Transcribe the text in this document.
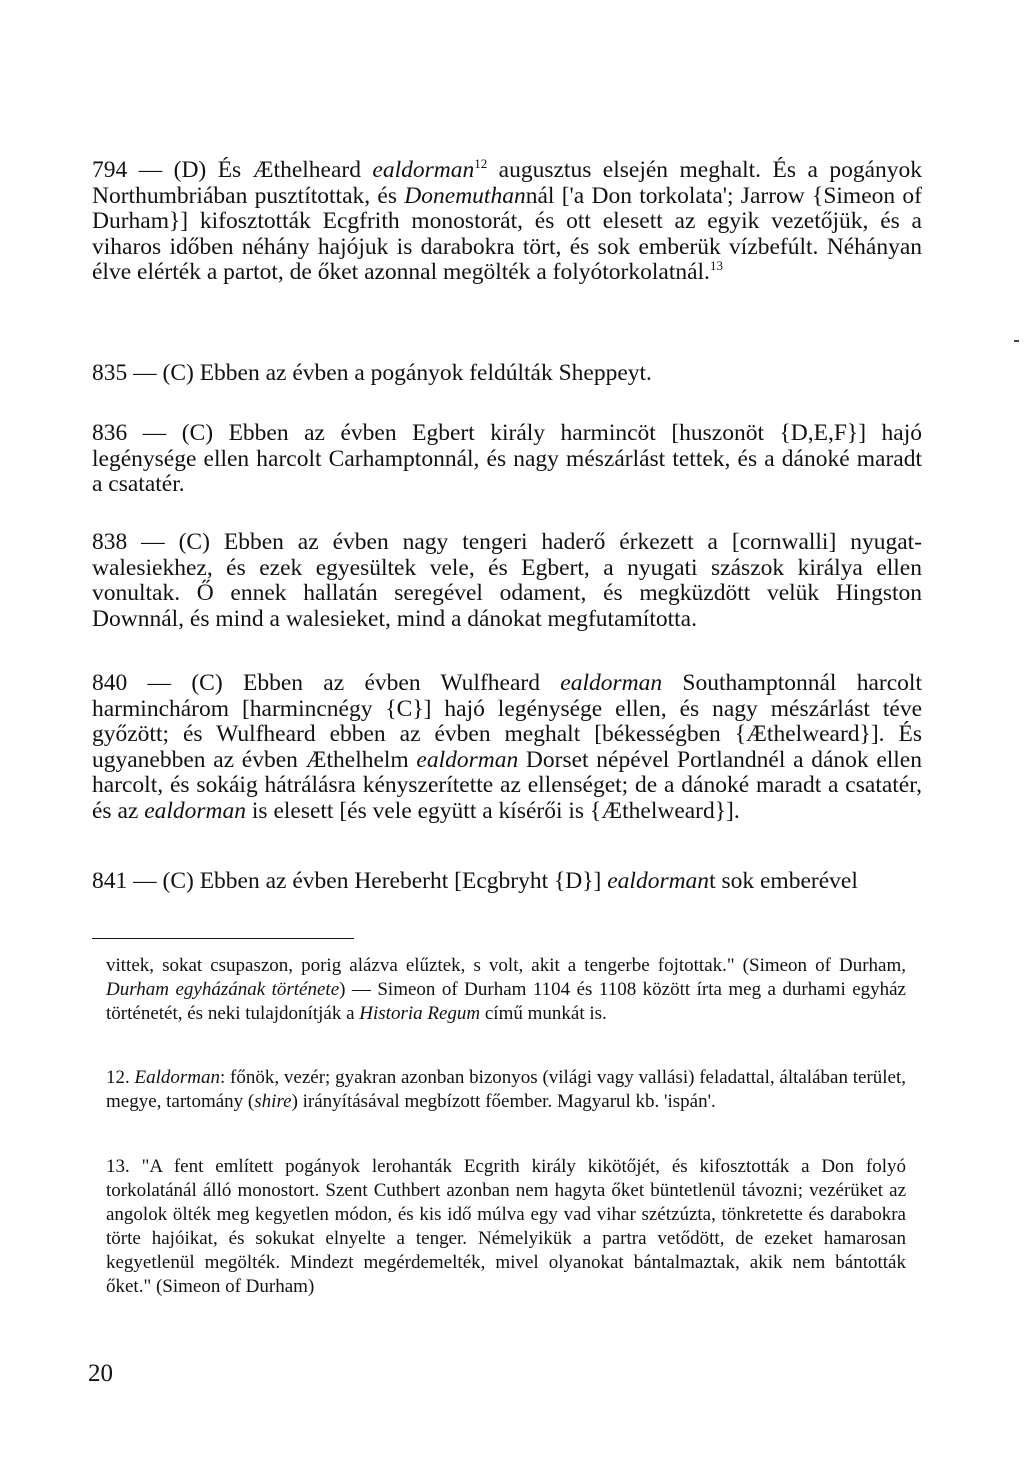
794 — (D) És Æthelheard ealdorman$^{12}$ augusztus elsején meghalt. És a pogányok Northumbriában pusztítottak, és Donemuthannál ['a Don torkolata'; Jarrow {Simeon of Durham}] kifosztották Ecgfrith monostorát, és ott elesett az egyik vezetőjük, és a viharos időben néhány hajójuk is darabokra tört, és sok emberük vízbefúlt. Néhányan élve elérték a partot, de őket azonnal megölték a folyótorkolatnál.$^{13}$

835 — (C) Ebben az évben a pogányok feldúlták Sheppeyt.

836 — (C) Ebben az évben Egbert király harmincöt [huszonöt {D,E,F}] hajó legénysége ellen harcolt Carhamptonnál, és nagy mészárlást tettek, és a dánoké maradt a csatatér.

838 — (C) Ebben az évben nagy tengeri haderő érkezett a [cornwalli] nyugat-walesiekhez, és ezek egyesültek vele, és Egbert, a nyugati szászok királya ellen vonultak. Ő ennek hallatán seregével odament, és megküzdött velük Hingston Downnál, és mind a walesieket, mind a dánokat megfutamította.

840 — (C) Ebben az évben Wulfheard ealdorman Southamptonnál harcolt harminchárom [harmincnégy {C}] hajó legénysége ellen, és nagy mészárlást téve győzött; és Wulfheard ebben az évben meghalt [békességben {Æthelweard}]. És ugyanebben az évben Æthelhelm ealdorman Dorset népével Portlandnél a dánok ellen harcolt, és sokáig hátrálásra kényszerítette az ellenséget; de a dánoké maradt a csatatér, és az ealdorman is elesett [és vele együtt a kísérői is {Æthelweard}].

841 — (C) Ebben az évben Hereberht [Ecgbryht {D}] ealdormant sok emberével

vittek, sokat csupaszon, porig alázva elűztek, s volt, akit a tengerbe fojtottak." (Simeon of Durham, Durham egyházának története) — Simeon of Durham 1104 és 1108 között írta meg a durhami egyház történetét, és neki tulajdonítják a Historia Regum című munkát is.

12. Ealdorman: főnök, vezér; gyakran azonban bizonyos (világi vagy vallási) feladattal, általában terület, megye, tartomány (shire) irányításával megbízott főember. Magyarul kb. 'ispán'.

13. "A fent említett pogányok lerohanták Ecgrith király kikötőjét, és kifosztották a Don folyó torkolatánál álló monostort. Szent Cuthbert azonban nem hagyta őket büntetlenül távozni; vezérüket az angolok ölték meg kegyetlen módon, és kis idő múlva egy vad vihar szétzúzta, tönkretette és darabokra törte hajóikat, és sokukat elnyelte a tenger. Némelyikük a partra vetődött, de ezeket hamarosan kegyetlenül megölték. Mindezt megérdemelték, mivel olyanokat bántalmaztak, akik nem bántották őket." (Simeon of Durham)

20
